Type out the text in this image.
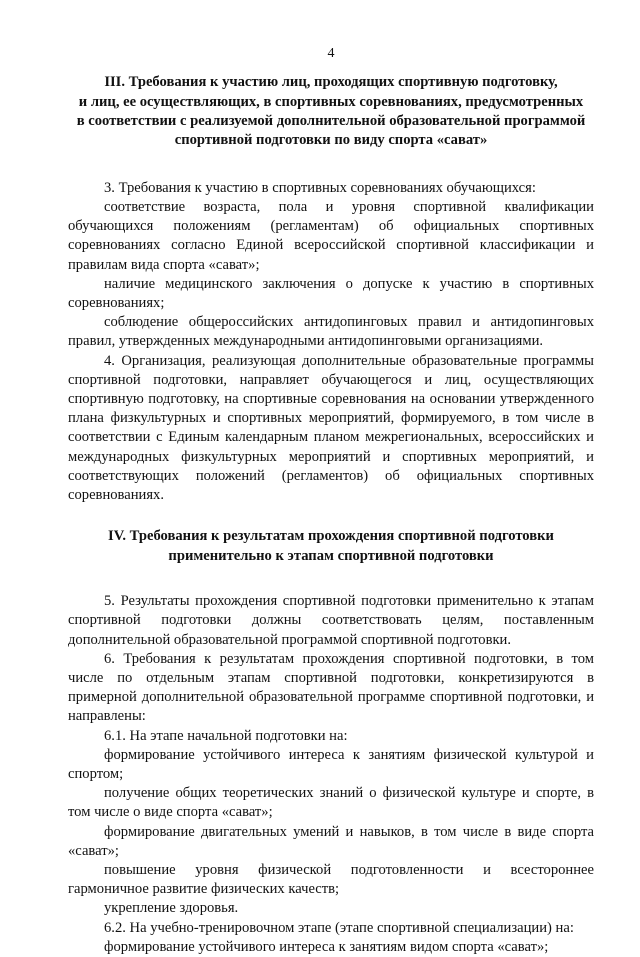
4
III. Требования к участию лиц, проходящих спортивную подготовку,
и лиц, ее осуществляющих, в спортивных соревнованиях, предусмотренных
в соответствии с реализуемой дополнительной образовательной программой
спортивной подготовки по виду спорта «сават»

3. Требования к участию в спортивных соревнованиях обучающихся:

соответствие возраста, пола и уровня спортивной квалификации обучающихся положениям (регламентам) об официальных спортивных соревнованиях согласно Единой всероссийской спортивной классификации и правилам вида спорта «сават»;

наличие медицинского заключения о допуске к участию в спортивных соревнованиях;

соблюдение общероссийских антидопинговых правил и антидопинговых правил, утвержденных международными антидопинговыми организациями.

4. Организация, реализующая дополнительные образовательные программы спортивной подготовки, направляет обучающегося и лиц, осуществляющих спортивную подготовку, на спортивные соревнования на основании утвержденного плана физкультурных и спортивных мероприятий, формируемого, в том числе в соответствии с Единым календарным планом межрегиональных, всероссийских и международных физкультурных мероприятий и спортивных мероприятий, и соответствующих положений (регламентов) об официальных спортивных соревнованиях.

IV. Требования к результатам прохождения спортивной подготовки
применительно к этапам спортивной подготовки

5. Результаты прохождения спортивной подготовки применительно к этапам спортивной подготовки должны соответствовать целям, поставленным дополнительной образовательной программой спортивной подготовки.

6. Требования к результатам прохождения спортивной подготовки, в том числе по отдельным этапам спортивной подготовки, конкретизируются в примерной дополнительной образовательной программе спортивной подготовки, и направлены:

6.1. На этапе начальной подготовки на:

формирование устойчивого интереса к занятиям физической культурой и спортом;

получение общих теоретических знаний о физической культуре и спорте, в том числе о виде спорта «сават»;

формирование двигательных умений и навыков, в том числе в виде спорта «сават»;

повышение уровня физической подготовленности и всестороннее гармоничное развитие физических качеств;

укрепление здоровья.

6.2. На учебно-тренировочном этапе (этапе спортивной специализации) на:

формирование устойчивого интереса к занятиям видом спорта «сават»;
